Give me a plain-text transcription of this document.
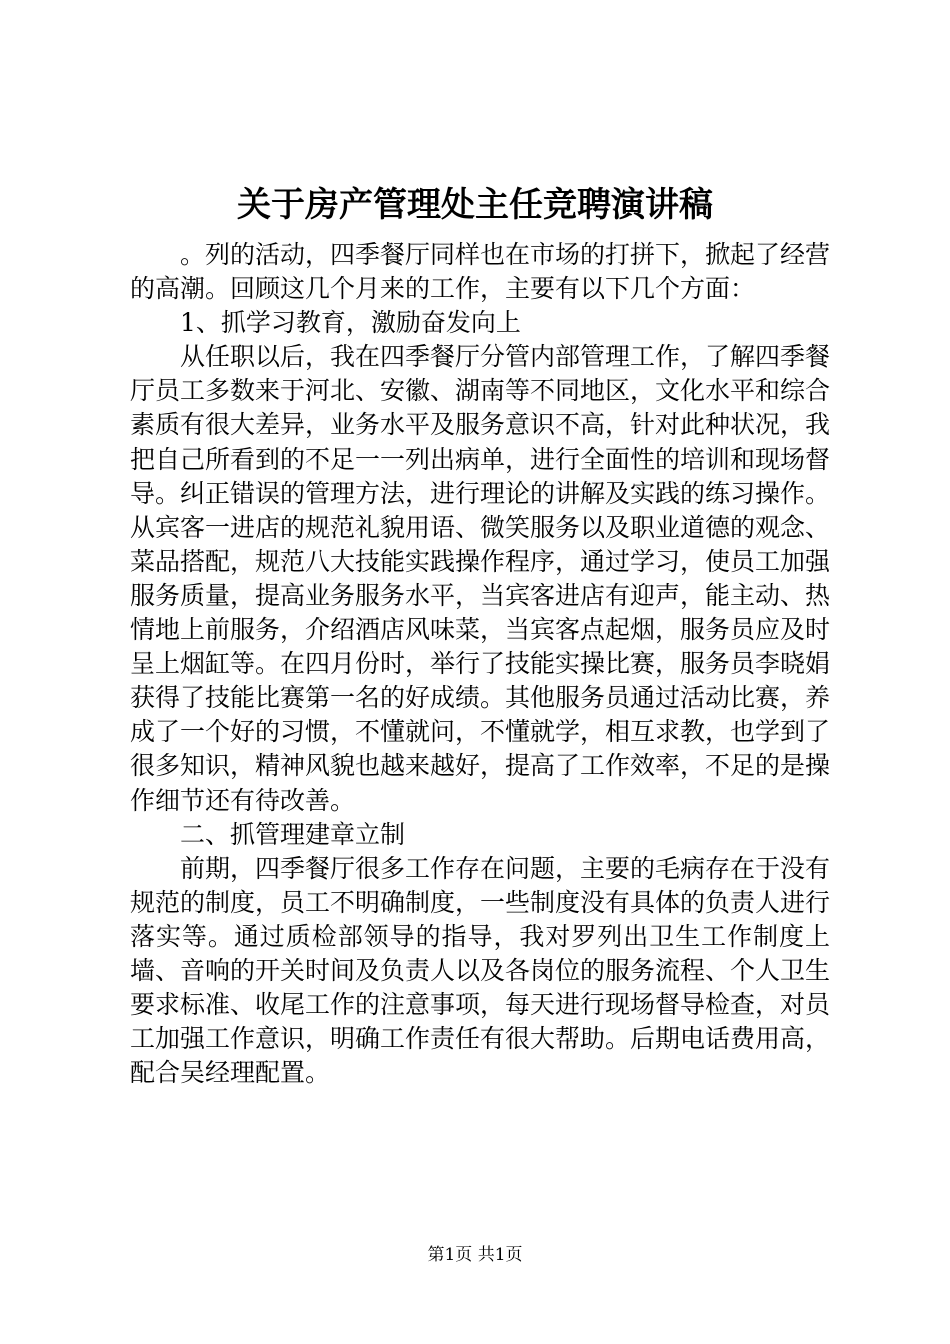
关于房产管理处主任竞聘演讲稿

。列的活动，四季餐厅同样也在市场的打拼下，掀起了经营的高潮。回顾这几个月来的工作，主要有以下几个方面：

1、抓学习教育，激励奋发向上

从任职以后，我在四季餐厅分管内部管理工作，了解四季餐厅员工多数来于河北、安徽、湖南等不同地区，文化水平和综合素质有很大差异，业务水平及服务意识不高，针对此种状况，我把自己所看到的不足一一列出病单，进行全面性的培训和现场督导。纠正错误的管理方法，进行理论的讲解及实践的练习操作。从宾客一进店的规范礼貌用语、微笑服务以及职业道德的观念、菜品搭配，规范八大技能实践操作程序，通过学习，使员工加强服务质量，提高业务服务水平，当宾客进店有迎声，能主动、热情地上前服务，介绍酒店风味菜，当宾客点起烟，服务员应及时呈上烟缸等。在四月份时，举行了技能实操比赛，服务员李晓娟获得了技能比赛第一名的好成绩。其他服务员通过活动比赛，养成了一个好的习惯，不懂就问，不懂就学，相互求教，也学到了很多知识，精神风貌也越来越好，提高了工作效率，不足的是操作细节还有待改善。

二、抓管理建章立制

前期，四季餐厅很多工作存在问题，主要的毛病存在于没有规范的制度，员工不明确制度，一些制度没有具体的负责人进行落实等。通过质检部领导的指导，我对罗列出卫生工作制度上墙、音响的开关时间及负责人以及各岗位的服务流程、个人卫生要求标准、收尾工作的注意事项，每天进行现场督导检查，对员工加强工作意识，明确工作责任有很大帮助。后期电话费用高，配合吴经理配置。

第1页 共1页
